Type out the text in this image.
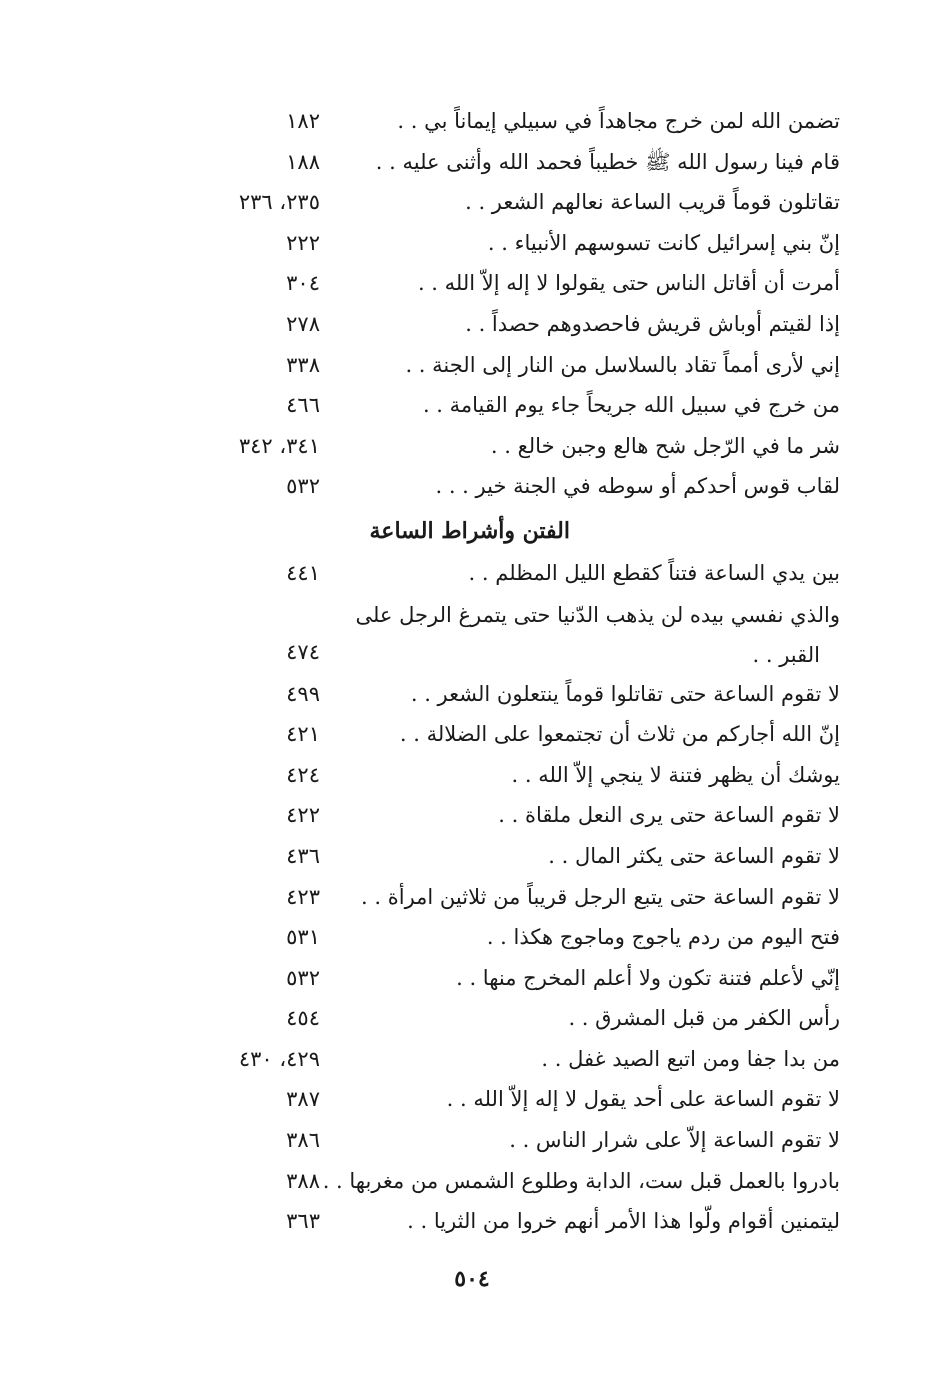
تضمن الله لمن خرج مجاهداً في سبيلي إيماناً بي . .
١٨٢
قام فينا رسول الله ﷺ خطيباً فحمد الله وأثنى عليه . .
١٨٨
تقاتلون قوماً قريب الساعة نعالهم الشعر . .
٢٣٥، ٢٣٦
إنّ بني إسرائيل كانت تسوسهم الأنبياء . .
٢٢٢
أمرت أن أقاتل الناس حتى يقولوا لا إله إلاّ الله . .
٣٠٤
إذا لقيتم أوباش قريش فاحصدوهم حصداً . .
٢٧٨
إني لأرى أمماً تقاد بالسلاسل من النار إلى الجنة . .
٣٣٨
من خرج في سبيل الله جريحاً جاء يوم القيامة . .
٤٦٦
شر ما في الرّجل شح هالع وجبن خالع . .
٣٤١، ٣٤٢
لقاب قوس أحدكم أو سوطه في الجنة خير . . .
٥٣٢
الفتن وأشراط الساعة
بين يدي الساعة فتناً كقطع الليل المظلم . .
٤٤١
والذي نفسي بيده لن يذهب الدّنيا حتى يتمرغ الرجل على
القبر . .
٤٧٤
لا تقوم الساعة حتى تقاتلوا قوماً ينتعلون الشعر . .
٤٩٩
إنّ الله أجاركم من ثلاث أن تجتمعوا على الضلالة . .
٤٢١
يوشك أن يظهر فتنة لا ينجي إلاّ الله . .
٤٢٤
لا تقوم الساعة حتى يرى النعل ملقاة . .
٤٢٢
لا تقوم الساعة حتى يكثر المال . .
٤٣٦
لا تقوم الساعة حتى يتبع الرجل قريباً من ثلاثين امرأة . .
٤٢٣
فتح اليوم من ردم ياجوج وماجوج هكذا . .
٥٣١
إنّي لأعلم فتنة تكون ولا أعلم المخرج منها . .
٥٣٢
رأس الكفر من قبل المشرق . .
٤٥٤
من بدا جفا ومن اتبع الصيد غفل . .
٤٢٩، ٤٣٠
لا تقوم الساعة على أحد يقول لا إله إلاّ الله . .
٣٨٧
لا تقوم الساعة إلاّ على شرار الناس . .
٣٨٦
بادروا بالعمل قبل ست، الدابة وطلوع الشمس من مغربها . .
٣٨٨
ليتمنين أقوام ولّوا هذا الأمر أنهم خروا من الثريا . .
٣٦٣
٥٠٤
